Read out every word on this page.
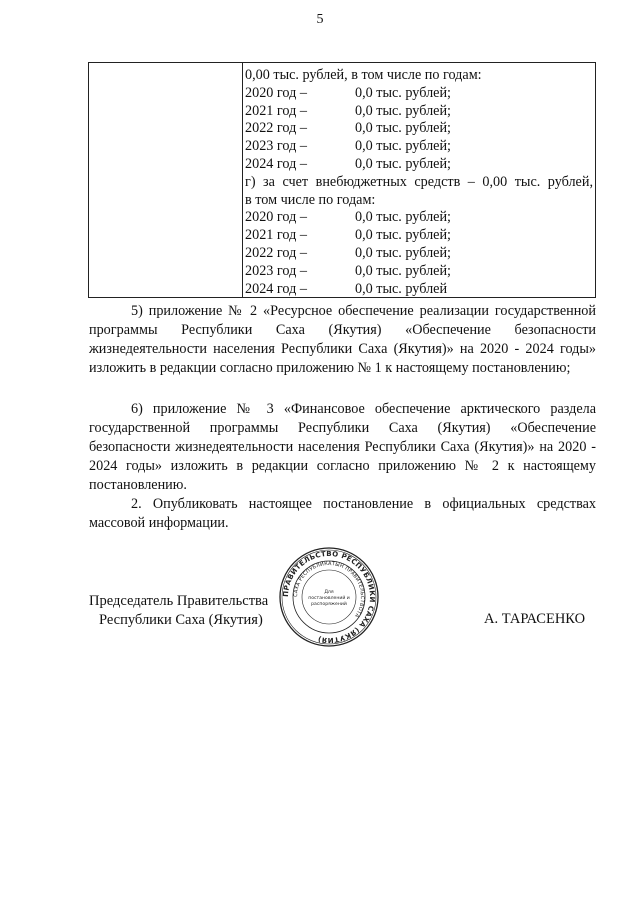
5
0,00 тыс. рублей, в том числе по годам:
2020 год –	0,0 тыс. рублей;
2021 год –	0,0 тыс. рублей;
2022 год –	0,0 тыс. рублей;
2023 год –	0,0 тыс. рублей;
2024 год –	0,0 тыс. рублей;
г) за счет внебюджетных средств – 0,00 тыс. рублей,
в том числе по годам:
2020 год –	0,0 тыс. рублей;
2021 год –	0,0 тыс. рублей;
2022 год –	0,0 тыс. рублей;
2023 год –	0,0 тыс. рублей;
2024 год –	0,0 тыс. рублей
5) приложение № 2 «Ресурсное обеспечение реализации государственной программы Республики Саха (Якутия) «Обеспечение безопасности жизнедеятельности населения Республики Саха (Якутия)» на 2020 - 2024 годы» изложить в редакции согласно приложению № 1 к настоящему постановлению;
6) приложение № 3 «Финансовое обеспечение арктического раздела государственной программы Республики Саха (Якутия) «Обеспечение безопасности жизнедеятельности населения Республики Саха (Якутия)» на 2020 - 2024 годы» изложить в редакции согласно приложению № 2 к настоящему постановлению.
2. Опубликовать настоящее постановление в официальных средствах массовой информации.
Председатель Правительства
Республики Саха (Якутия)
ПРАВИТЕЛЬСТВО РЕСПУБЛИКИ САХА (ЯКУТИЯ)
САХА РЕСПУБЛИКАТЫН ПРАВИТЕЛЬСТВОТА
Для
постановлений и
распоряжений
А. ТАРАСЕНКО
